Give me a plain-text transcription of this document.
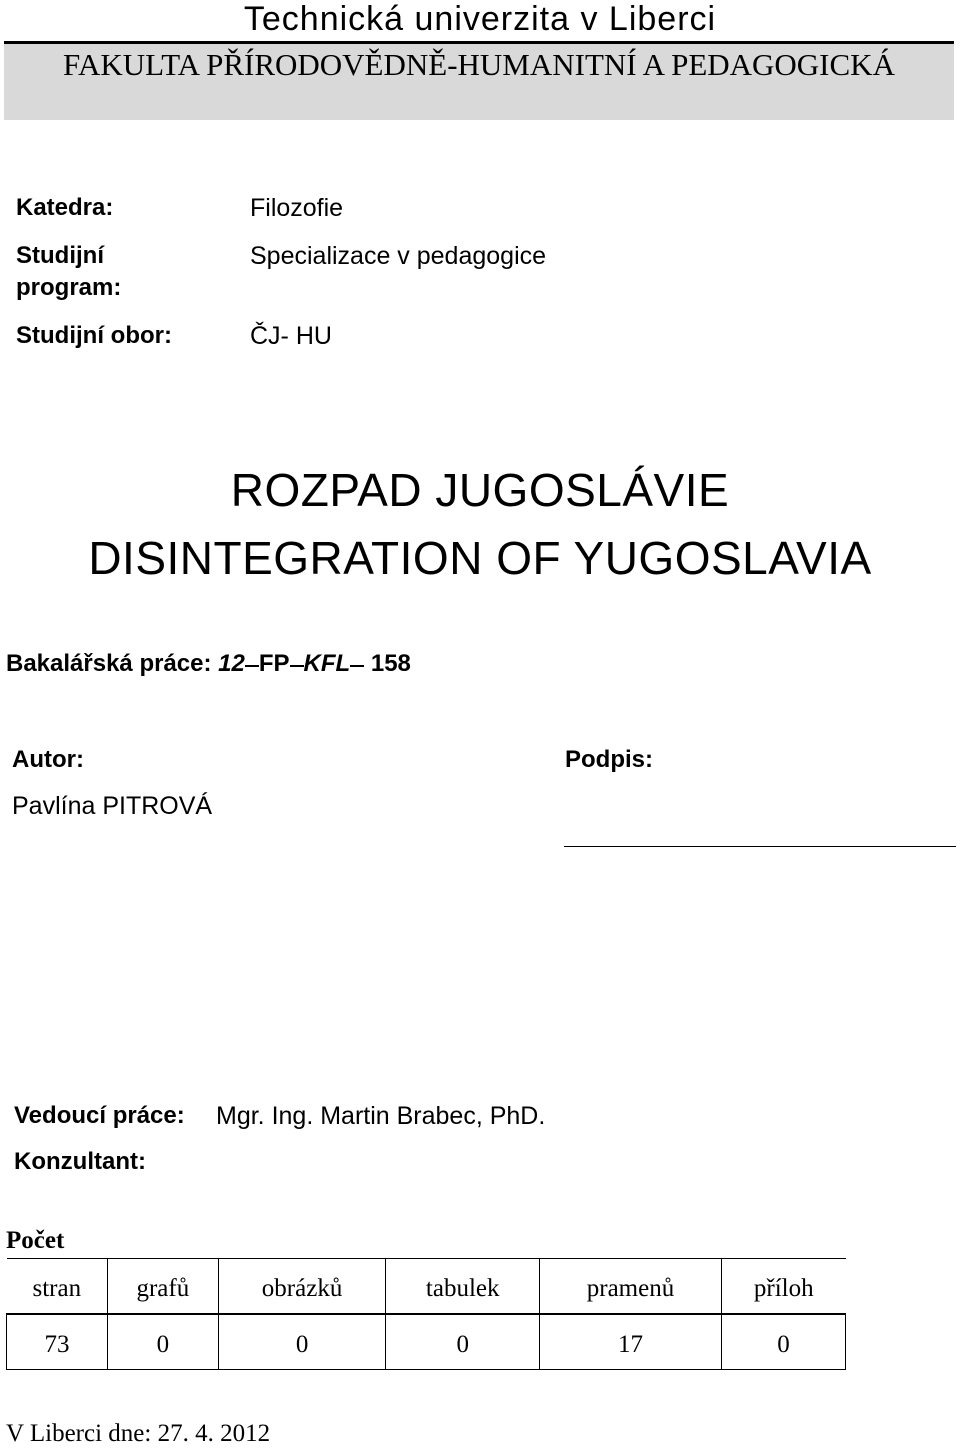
Technická univerzita v Liberci
FAKULTA PŘÍRODOVĚDNĚ-HUMANITNÍ A PEDAGOGICKÁ
Katedra:	Filozofie
Studijní program:
Specializace v pedagogice
Studijní obor:	ČJ- HU
ROZPAD JUGOSLÁVIE
DISINTEGRATION OF YUGOSLAVIA
Bakalářská práce: 12 FP KFL 158
Autor:
Pavlína PITROVÁ
Podpis:
Vedoucí práce: Mgr. Ing. Martin Brabec, PhD.
Konzultant:
Počet
stran	grafů	obrázků	tabulek	pramenů	příloh
73	0	0	0	17	0
V Liberci dne: 27. 4. 2012
